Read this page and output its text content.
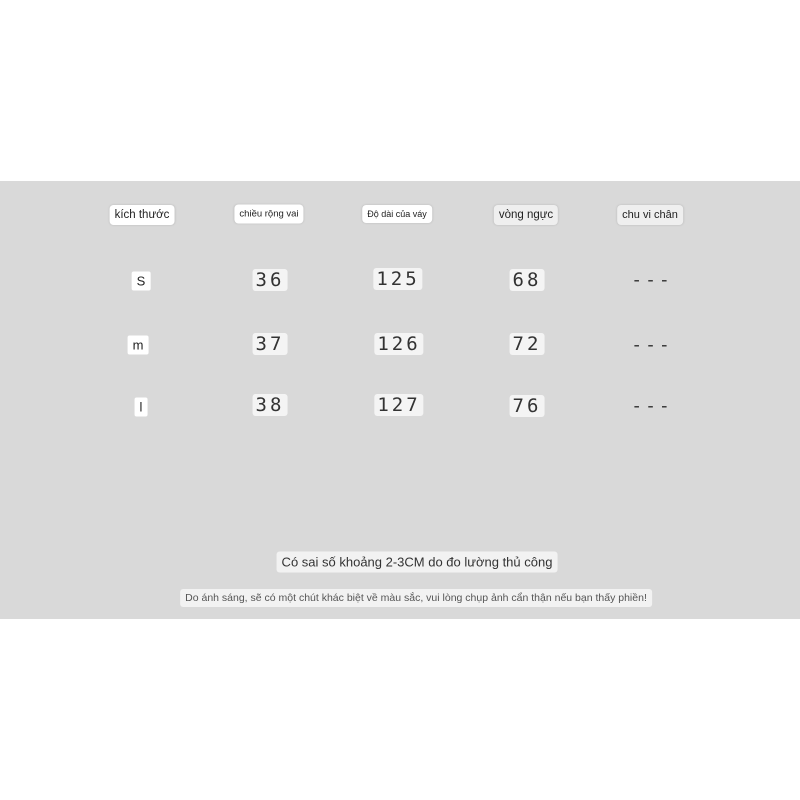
kích thước	chiều rộng vai	Độ dài của váy	vòng ngực	chu vi chân
S	36	125	68	---
m	37	126	72	---
l	38	127	76	---
Có sai số khoảng 2-3CM do đo lường thủ công
Do ánh sáng, sẽ có một chút khác biệt về màu sắc, vui lòng chụp ảnh cẩn thận nếu bạn thấy phiền!
